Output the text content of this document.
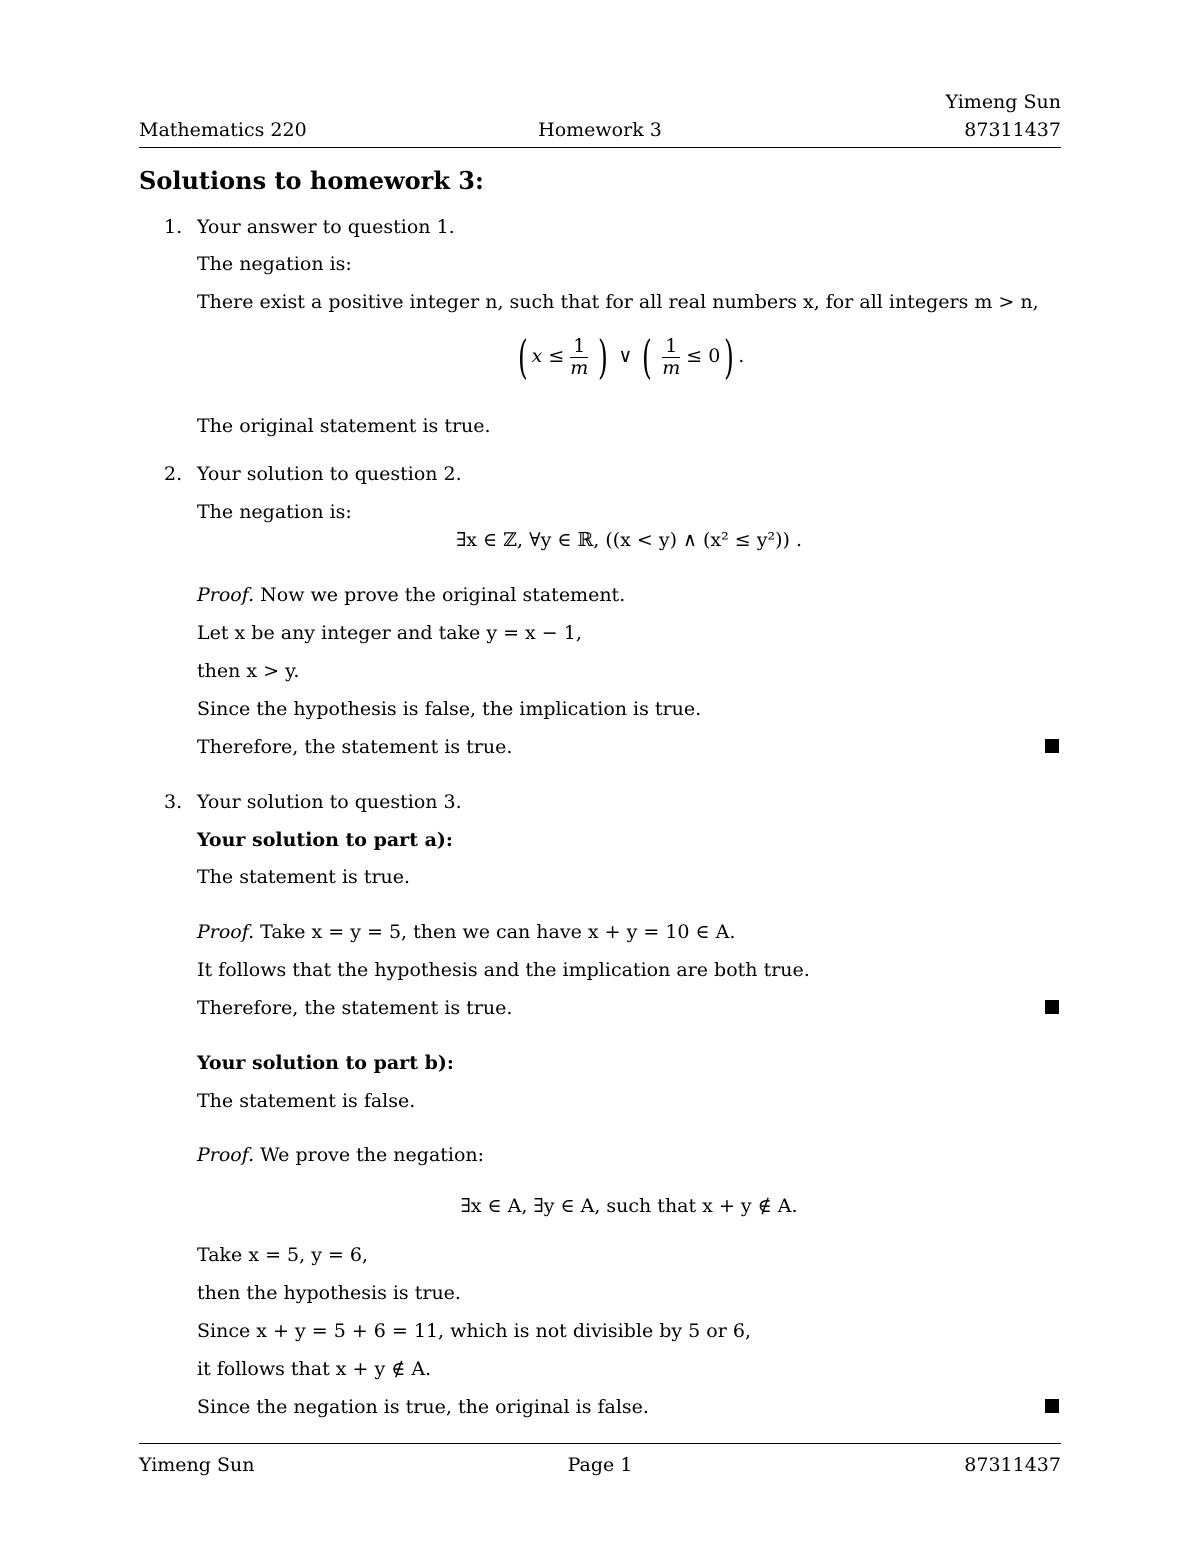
Yimeng Sun
Mathematics 220	Homework 3	87311437
Solutions to homework 3:
1. Your answer to question 1.
The negation is:
There exist a positive integer n, such that for all real numbers x, for all integers m > n,
( $x \le \frac{1}{m}$ ) ∨ ( $\frac{1}{m} \le 0$) .
The original statement is true.
2. Your solution to question 2.
The negation is:
∃x ∈ ℤ, ∀y ∈ ℝ, ((x < y) ∧ (x² ≤ y²)) .
Proof. Now we prove the original statement.
Let x be any integer and take y = x − 1,
then x > y.
Since the hypothesis is false, the implication is true.
Therefore, the statement is true.
3. Your solution to question 3.
Your solution to part a):
The statement is true.
Proof. Take x = y = 5, then we can have x + y = 10 ∈ A.
It follows that the hypothesis and the implication are both true.
Therefore, the statement is true.
Your solution to part b):
The statement is false.
Proof. We prove the negation:
∃x ∈ A, ∃y ∈ A, such that x + y ∉ A.
Take x = 5, y = 6,
then the hypothesis is true.
Since x + y = 5 + 6 = 11, which is not divisible by 5 or 6,
it follows that x + y ∉ A.
Since the negation is true, the original is false.
Yimeng Sun	Page 1	87311437
